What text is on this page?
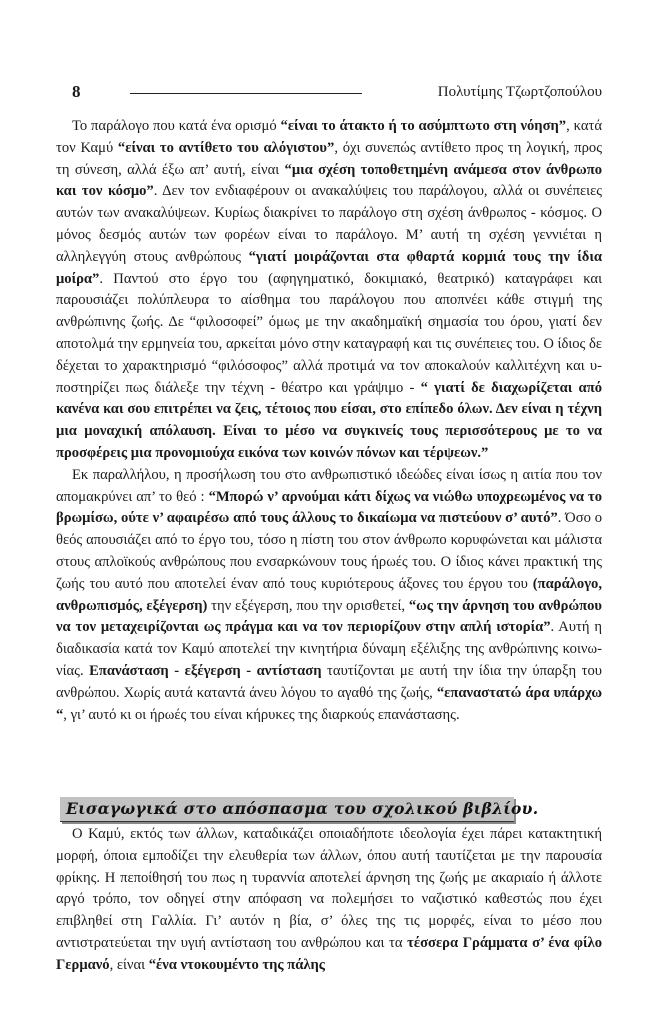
8	Πολυτίμης Τζωρτζοπούλου

Το παράλογο που κατά ένα ορισμό “είναι το άτακτο ή το ασύμπτωτο στη νόηση”, κατά τον Καμύ “είναι το αντίθετο του αλόγιστου”, όχι συνεπώς αντίθετο προς τη λογική, προς τη σύνεση, αλλά έξω απ’ αυτή, είναι “μια σχέση τοποθετημένη ανάμεσα στον άνθρωπο και τον κόσμο”. Δεν τον ενδιαφέρουν οι ανακαλύψεις του παράλογου, αλλά οι συνέπειες αυτών των ανακαλύψεων. Κυρίως διακρίνει το παράλογο στη σχέση άνθρωπος - κόσμος. Ο μόνος δεσμός αυτών των φορέων είναι το παράλογο. Μ’ αυτή τη σχέση γεννιέται η αλληλεγγύη στους ανθρώπους “γιατί μοιράζονται στα φθαρτά κορμιά τους την ίδια μοίρα”. Παντού στο έργο του (αφηγηματικό, δοκιμιακό, θεατρικό) καταγράφει και παρουσιάζει πολύπλευρα το αίσθημα του παράλογου που αποπνέει κάθε στιγμή της ανθρώπινης ζωής. Δε “φιλοσοφεί” όμως με την ακαδημαϊκή σημασία του όρου, γιατί δεν αποτολμά την ερμηνεία του, αρκείται μόνο στην καταγραφή και τις συνέπειες του. Ο ίδιος δε δέχεται το χαρακτηρισμό “φιλόσοφος” αλλά προτιμά να τον αποκαλούν καλλιτέχνη και υποστηρίζει πως διάλεξε την τέχνη - θέατρο και γράψιμο - “ γιατί δε διαχωρίζεται από κανένα και σου επιτρέπει να ζεις, τέτοιος που είσαι, στο επίπεδο όλων. Δεν είναι η τέχνη μια μοναχική απόλαυση. Είναι το μέσο να συγκινείς τους περισσότερους με το να προσφέρεις μια προνομιούχα εικόνα των κοινών πόνων και τέρψεων.”

Εκ παραλλήλου, η προσήλωση του στο ανθρωπιστικό ιδεώδες είναι ίσως η αιτία που τον απομακρύνει απ’ το θεό : “Μπορώ ν’ αρνούμαι κάτι δίχως να νιώθω υποχρεωμένος να το βρωμίσω, ούτε ν’ αφαιρέσω από τους άλλους το δικαίωμα να πιστεύουν σ’ αυτό”. Όσο ο θεός απουσιάζει από το έργο του, τόσο η πίστη του στον άνθρωπο κορυφώνεται και μάλιστα στους απλοϊκούς ανθρώπους που ενσαρκώνουν τους ήρωές του. Ο ίδιος κάνει πρακτική της ζωής του αυτό που αποτελεί έναν από τους κυριότερους άξονες του έργου του (παράλογο, ανθρωπισμός, εξέγερση) την εξέγερση, που την ορισθετεί, “ως την άρνηση του ανθρώπου να τον μεταχειρίζονται ως πράγμα και να τον περιορίζουν στην απλή ιστορία”. Αυτή η διαδικασία κατά τον Καμύ αποτελεί την κινητήρια δύναμη εξέλιξης της ανθρώπινης κοινωνίας. Επανάσταση - εξέγερση - αντίσταση ταυτίζονται με αυτή την ίδια την ύπαρξη του ανθρώπου. Χωρίς αυτά καταντά άνευ λόγου το αγαθό της ζωής, “επαναστατώ άρα υπάρχω “, γι’ αυτό κι οι ήρωές του είναι κήρυκες της διαρκούς επανάστασης.

Εισαγωγικά στο απόσπασμα του σχολικού βιβλίου.

Ο Καμύ, εκτός των άλλων, καταδικάζει οποιαδήποτε ιδεολογία έχει πάρει κατακτητική μορφή, όποια εμποδίζει την ελευθερία των άλλων, όπου αυτή ταυτίζεται με την παρουσία φρίκης. Η πεποίθησή του πως η τυραννία αποτελεί άρνηση της ζωής με ακαριαίο ή άλλοτε αργό τρόπο, τον οδηγεί στην απόφαση να πολεμήσει το ναζιστικό καθεστώς που έχει επιβληθεί στη Γαλλία. Γι’ αυτόν η βία, σ’ όλες της τις μορφές, είναι το μέσο που αντιστρατεύεται την υγιή αντίσταση του ανθρώπου και τα τέσσερα Γράμματα σ’ ένα φίλο Γερμανό, είναι “ένα ντοκουμέντο της πάλης
